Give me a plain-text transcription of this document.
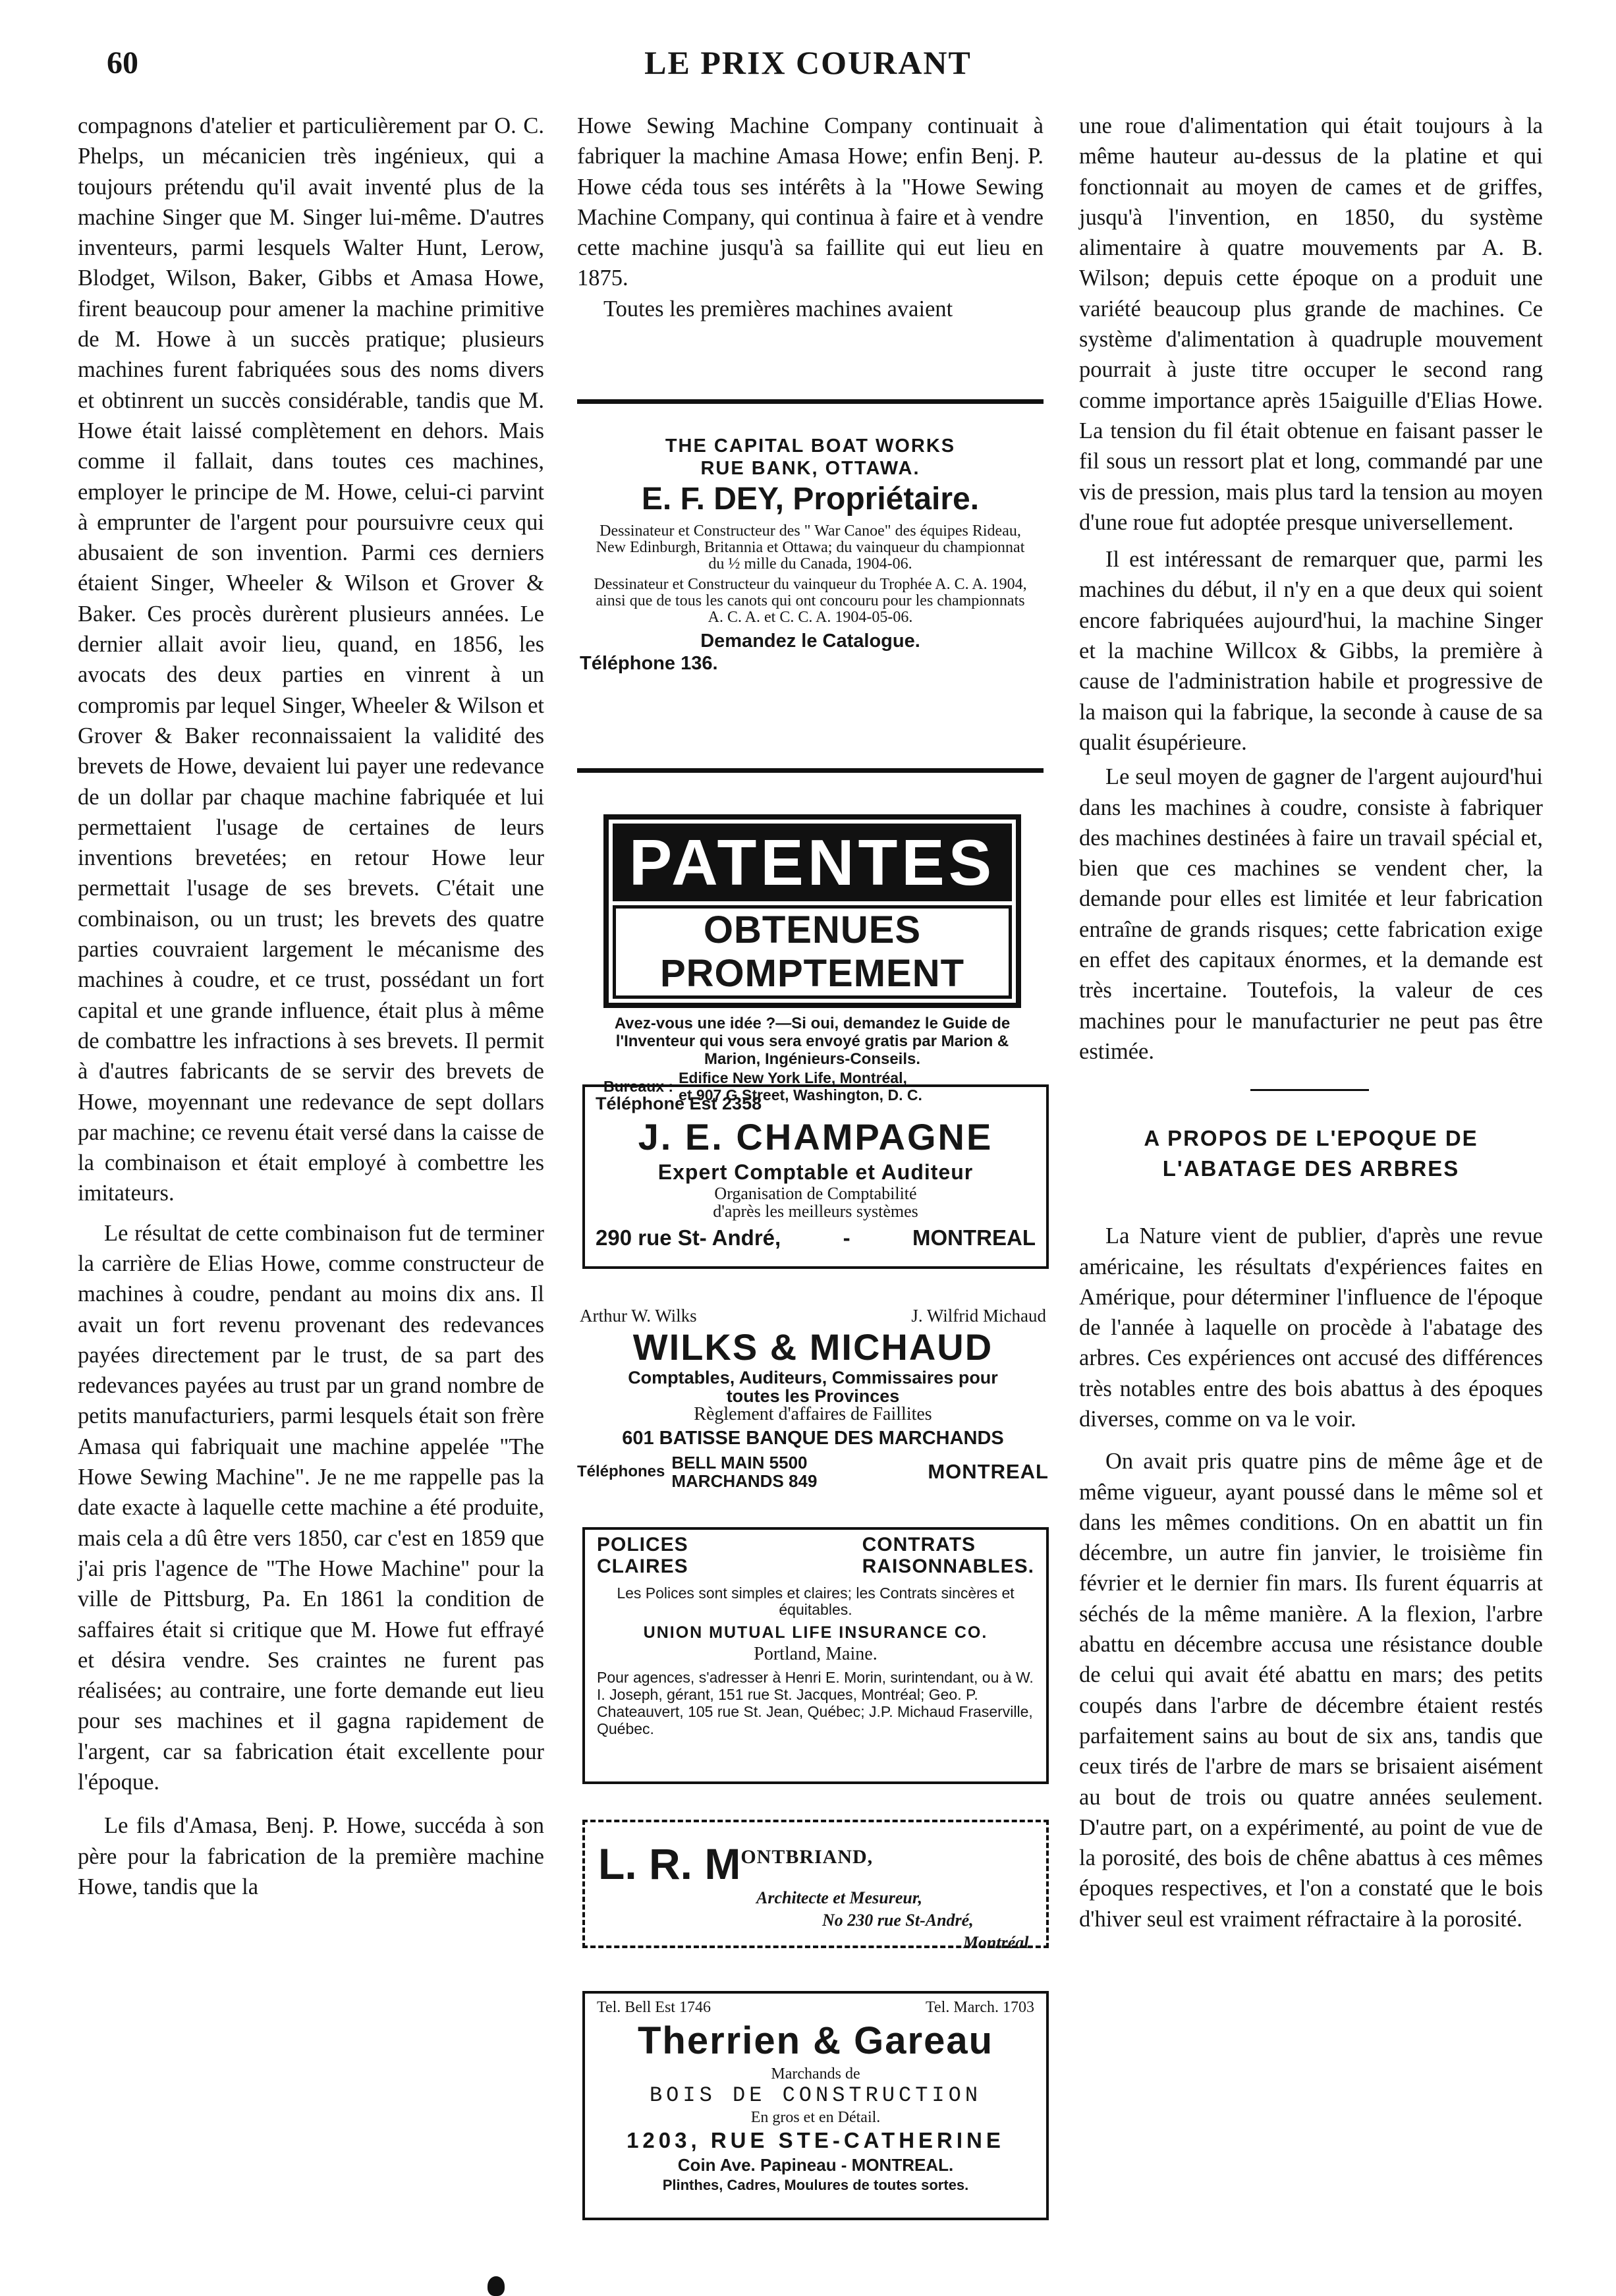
60	LE PRIX COURANT

compagnons d'atelier et particulièrement par O. C. Phelps, un mécanicien très ingénieux, qui a toujours prétendu qu'il avait inventé plus de la machine Singer que M. Singer lui-même. D'autres inventeurs, parmi lesquels Walter Hunt, Lerow, Blodget, Wilson, Baker, Gibbs et Amasa Howe, firent beaucoup pour amener la machine primitive de M. Howe à un succès pratique; plusieurs machines furent fabriquées sous des noms divers et obtinrent un succès considérable, tandis que M. Howe était laissé complètement en dehors. Mais comme il fallait, dans toutes ces machines, employer le principe de M. Howe, celui-ci parvint à emprunter de l'argent pour poursuivre ceux qui abusaient de son invention. Parmi ces derniers étaient Singer, Wheeler & Wilson et Grover & Baker. Ces procès durèrent plusieurs années. Le dernier allait avoir lieu, quand, en 1856, les avocats des deux parties en vinrent à un compromis par lequel Singer, Wheeler & Wilson et Grover & Baker reconnaissaient la validité des brevets de Howe, devaient lui payer une redevance de un dollar par chaque machine fabriquée et lui permettaient l'usage de certaines de leurs inventions brevetées; en retour Howe leur permettait l'usage de ses brevets. C'était une combinaison, ou un trust; les brevets des quatre parties couvraient largement le mécanisme des machines à coudre, et ce trust, possédant un fort capital et une grande influence, était plus à même de combattre les infractions à ses brevets. Il permit à d'autres fabricants de se servir des brevets de Howe, moyennant une redevance de sept dollars par machine; ce revenu était versé dans la caisse de la combinaison et était employé à combettre les imitateurs.

Le résultat de cette combinaison fut de terminer la carrière de Elias Howe, comme constructeur de machines à coudre, pendant au moins dix ans. Il avait un fort revenu provenant des redevances payées directement par le trust, de sa part des redevances payées au trust par un grand nombre de petits manufacturiers, parmi lesquels était son frère Amasa qui fabriquait une machine appelée "The Howe Sewing Machine". Je ne me rappelle pas la date exacte à laquelle cette machine a été produite, mais cela a dû être vers 1850, car c'est en 1859 que j'ai pris l'agence de "The Howe Machine" pour la ville de Pittsburg, Pa. En 1861 la condition de saffaires était si critique que M. Howe fut effrayé et désira vendre. Ses craintes ne furent pas réalisées; au contraire, une forte demande eut lieu pour ses machines et il gagna rapidement de l'argent, car sa fabrication était excellente pour l'époque.

Le fils d'Amasa, Benj. P. Howe, succéda à son père pour la fabrication de la première machine Howe, tandis que la

Howe Sewing Machine Company continuait à fabriquer la machine Amasa Howe; enfin Benj. P. Howe céda tous ses intérêts à la "Howe Sewing Machine Company, qui continua à faire et à vendre cette machine jusqu'à sa faillite qui eut lieu en 1875.

Toutes les premières machines avaient

THE CAPITAL BOAT WORKS
RUE BANK, OTTAWA.
E. F. DEY, Propriétaire.
Dessinateur et Constructeur des " War Canoe" des équipes Rideau, New Edinburgh, Britannia et Ottawa; du vainqueur du championnat du ½ mille du Canada, 1904-06.
Dessinateur et Constructeur du vainqueur du Trophée A. C. A. 1904, ainsi que de tous les canots qui ont concouru pour les championnats A. C. A. et C. C. A. 1904-05-06.
Demandez le Catalogue.
Téléphone 136.
PATENTES
OBTENUES PROMPTEMENT
Avez-vous une idée ?—Si oui, demandez le Guide de l'Inventeur qui vous sera envoyé gratis par Marion & Marion, Ingénieurs-Conseils.
Bureaux : Edifice New York Life, Montréal,
et 907 G Street, Washington, D. C.
Téléphone Est 2358
J. E. CHAMPAGNE
Expert Comptable et Auditeur
Organisation de Comptabilité
d'après les meilleurs systèmes
290 rue St- André,	-	MONTREAL
Arthur W. Wilks	J. Wilfrid Michaud
WILKS & MICHAUD
Comptables, Auditeurs, Commissaires pour
toutes les Provinces
Règlement d'affaires de Faillites
601 BATISSE BANQUE DES MARCHANDS
Téléphones BELL MAIN 5500
MARCHANDS 849	MONTREAL
POLICES
CLAIRES
CONTRATS
RAISONNABLES.
Les Polices sont simples et claires; les Contrats sincères et équitables.
UNION MUTUAL LIFE INSURANCE CO.
Portland, Maine.
Pour agences, s'adresser à Henri E. Morin, surintendant, ou à W. I. Joseph, gérant, 151 rue St. Jacques, Montréal; Geo. P. Chateauvert, 105 rue St. Jean, Québec; J.P. Michaud Fraserville, Québec.
L. R. $M^{ONTBRIAND,}$
Architecte et Mesureur,
No 230 rue St-André,
Montréal.
Tel. Bell Est 1746	Tel. March. 1703
Therrien & Gareau
Marchands de
BOIS DE CONSTRUCTION
En gros et en Détail.
1203, RUE STE-CATHERINE
Coin Ave. Papineau - MONTREAL.
Plinthes, Cadres, Moulures de toutes sortes.

une roue d'alimentation qui était toujours à la même hauteur au-dessus de la platine et qui fonctionnait au moyen de cames et de griffes, jusqu'à l'invention, en 1850, du système alimentaire à quatre mouvements par A. B. Wilson; depuis cette époque on a produit une variété beaucoup plus grande de machines. Ce système d'alimentation à quadruple mouvement pourrait à juste titre occuper le second rang comme importance après 15aiguille d'Elias Howe. La tension du fil était obtenue en faisant passer le fil sous un ressort plat et long, commandé par une vis de pression, mais plus tard la tension au moyen d'une roue fut adoptée presque universellement.

Il est intéressant de remarquer que, parmi les machines du début, il n'y en a que deux qui soient encore fabriquées aujourd'hui, la machine Singer et la machine Willcox & Gibbs, la première à cause de l'administration habile et progressive de la maison qui la fabrique, la seconde à cause de sa qualit ésupérieure.

Le seul moyen de gagner de l'argent aujourd'hui dans les machines à coudre, consiste à fabriquer des machines destinées à faire un travail spécial et, bien que ces machines se vendent cher, la demande pour elles est limitée et leur fabrication entraîne de grands risques; cette fabrication exige en effet des capitaux énormes, et la demande est très incertaine. Toutefois, la valeur de ces machines pour le manufacturier ne peut pas être estimée.

A PROPOS DE L'EPOQUE DE L'ABATAGE DES ARBRES

La Nature vient de publier, d'après une revue américaine, les résultats d'expériences faites en Amérique, pour déterminer l'influence de l'époque de l'année à laquelle on procède à l'abatage des arbres. Ces expériences ont accusé des différences très notables entre des bois abattus à des époques diverses, comme on va le voir.

On avait pris quatre pins de même âge et de même vigueur, ayant poussé dans le même sol et dans les mêmes conditions. On en abattit un fin décembre, un autre fin janvier, le troisième fin février et le dernier fin mars. Ils furent équarris at séchés de la même manière. A la flexion, l'arbre abattu en décembre accusa une résistance double de celui qui avait été abattu en mars; des petits coupés dans l'arbre de décembre étaient restés parfaitement sains au bout de six ans, tandis que ceux tirés de l'arbre de mars se brisaient aisément au bout de trois ou quatre années seulement. D'autre part, on a expérimenté, au point de vue de la porosité, des bois de chêne abattus à ces mêmes époques respectives, et l'on a constaté que le bois d'hiver seul est vraiment réfractaire à la porosité.
